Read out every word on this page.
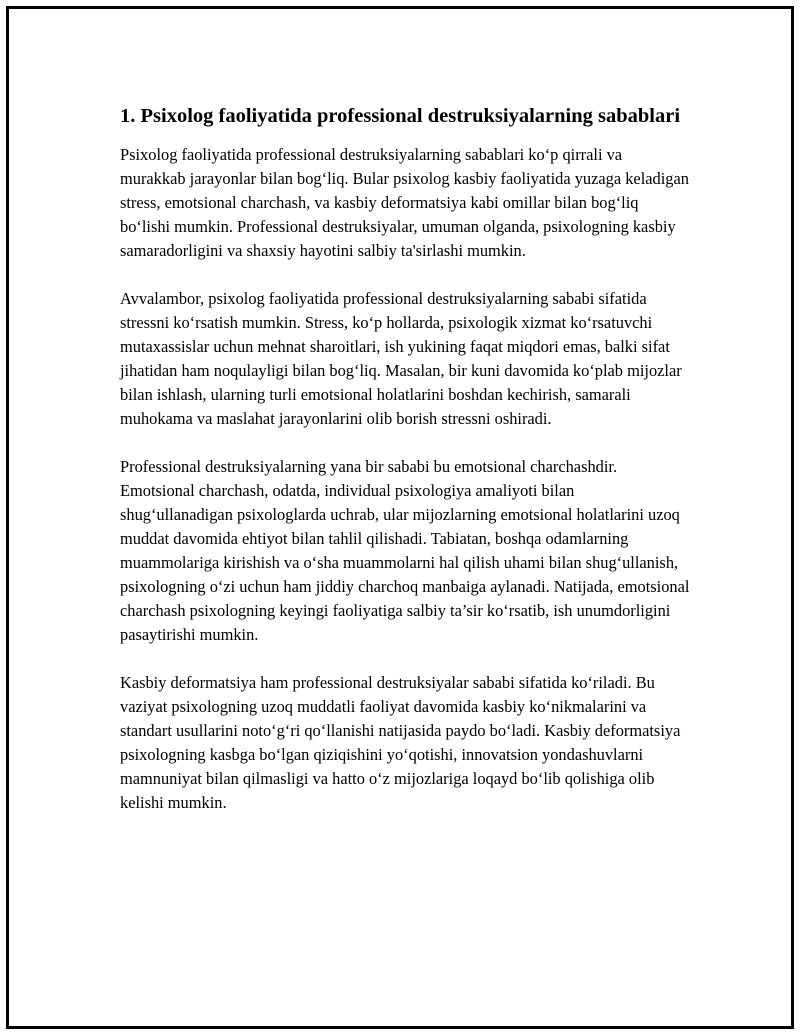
1. Psixolog faoliyatida professional destruksiyalarning sabablari

Psixolog faoliyatida professional destruksiyalarning sabablari ko‘p qirrali va murakkab jarayonlar bilan bog‘liq. Bular psixolog kasbiy faoliyatida yuzaga keladigan stress, emotsional charchash, va kasbiy deformatsiya kabi omillar bilan bog‘liq bo‘lishi mumkin. Professional destruksiyalar, umuman olganda, psixologning kasbiy samaradorligini va shaxsiy hayotini salbiy ta'sirlashi mumkin.

Avvalambor, psixolog faoliyatida professional destruksiyalarning sababi sifatida stressni ko‘rsatish mumkin. Stress, ko‘p hollarda, psixologik xizmat ko‘rsatuvchi mutaxassislar uchun mehnat sharoitlari, ish yukining faqat miqdori emas, balki sifat jihatidan ham noqulayligi bilan bog‘liq. Masalan, bir kuni davomida ko‘plab mijozlar bilan ishlash, ularning turli emotsional holatlarini boshdan kechirish, samarali muhokama va maslahat jarayonlarini olib borish stressni oshiradi.

Professional destruksiyalarning yana bir sababi bu emotsional charchashdir. Emotsional charchash, odatda, individual psixologiya amaliyoti bilan shug‘ullanadigan psixologlarda uchrab, ular mijozlarning emotsional holatlarini uzoq muddat davomida ehtiyot bilan tahlil qilishadi. Tabiatan, boshqa odamlarning muammolariga kirishish va o‘sha muammolarni hal qilish uhami bilan shug‘ullanish, psixologning o‘zi uchun ham jiddiy charchoq manbaiga aylanadi. Natijada, emotsional charchash psixologning keyingi faoliyatiga salbiy ta’sir ko‘rsatib, ish unumdorligini pasaytirishi mumkin.

Kasbiy deformatsiya ham professional destruksiyalar sababi sifatida ko‘riladi. Bu vaziyat psixologning uzoq muddatli faoliyat davomida kasbiy ko‘nikmalarini va standart usullarini noto‘g‘ri qo‘llanishi natijasida paydo bo‘ladi. Kasbiy deformatsiya psixologning kasbga bo‘lgan qiziqishini yo‘qotishi, innovatsion yondashuvlarni mamnuniyat bilan qilmasligi va hatto o‘z mijozlariga loqayd bo‘lib qolishiga olib kelishi mumkin.
